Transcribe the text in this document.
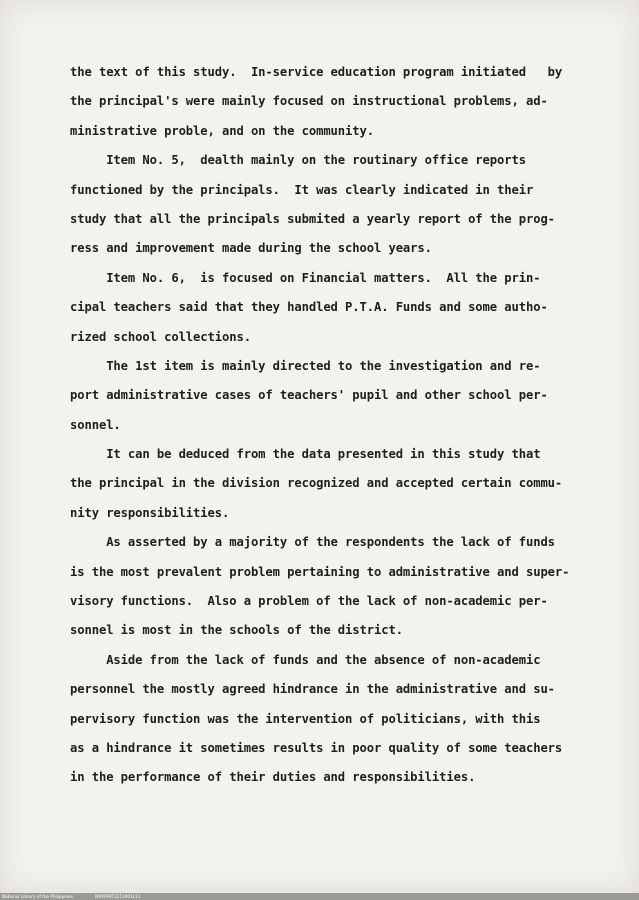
the text of this study.  In-service education program initiated   by
the principal's were mainly focused on instructional problems, ad-
ministrative proble, and on the community.
Item No. 5,  dealth mainly on the routinary office reports
functioned by the principals.  It was clearly indicated in their
study that all the principals submited a yearly report of the prog-
ress and improvement made during the school years.
Item No. 6,  is focused on Financial matters.  All the prin-
cipal teachers said that they handled P.T.A. Funds and some autho-
rized school collections.
The 1st item is mainly directed to the investigation and re-
port administrative cases of teachers' pupil and other school per-
sonnel.
It can be deduced from the data presented in this study that
the principal in the division recognized and accepted certain commu-
nity responsibilities.
As asserted by a majority of the respondents the lack of funds
is the most prevalent problem pertaining to administrative and super-
visory functions.  Also a problem of the lack of non-academic per-
sonnel is most in the schools of the district.
Aside from the lack of funds and the absence of non-academic
personnel the mostly agreed hindrance in the administrative and su-
pervisory function was the intervention of politicians, with this
as a hindrance it sometimes results in poor quality of some teachers
in the performance of their duties and responsibilities.
National Library of the Philippines	MXPFPRT2212401L11
